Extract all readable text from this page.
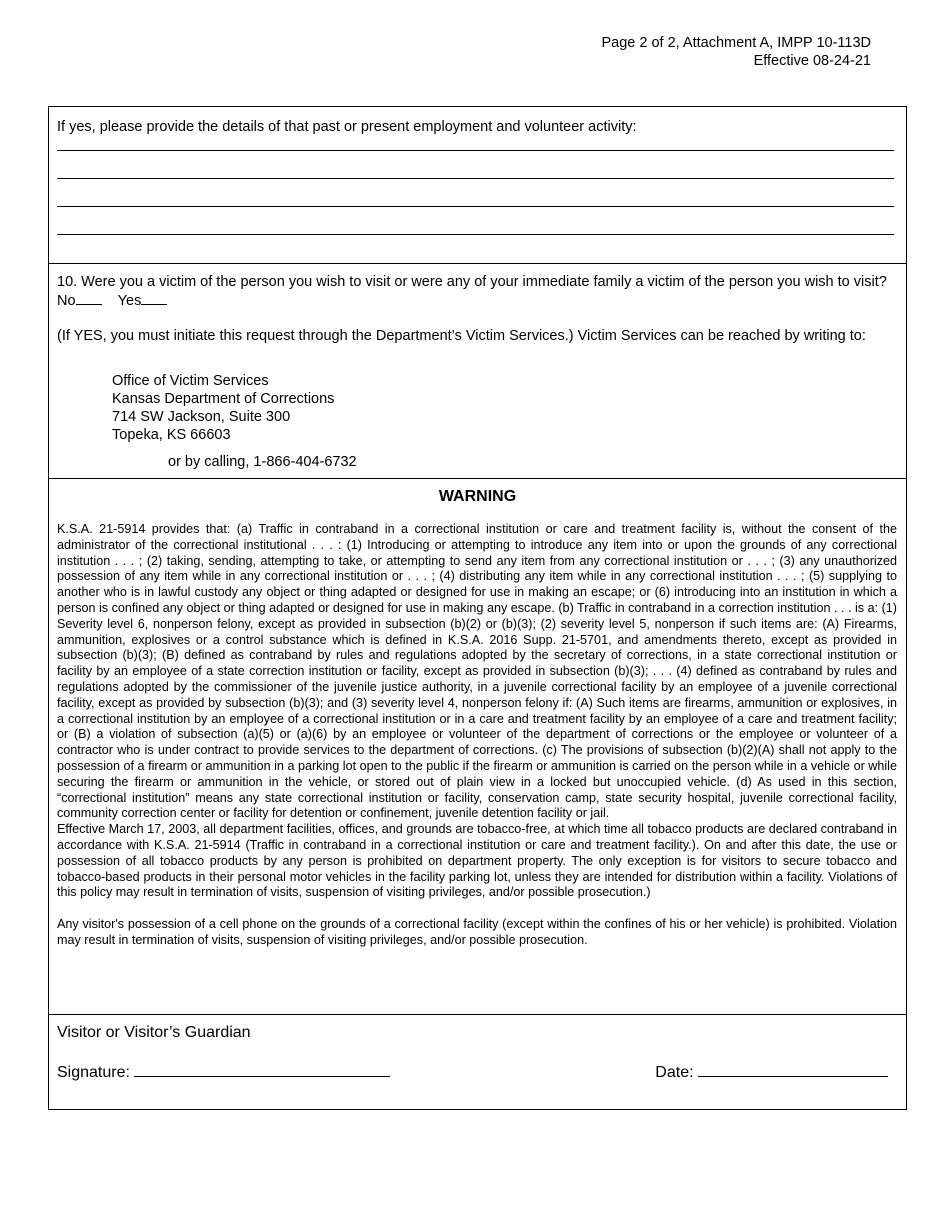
Page 2 of 2, Attachment A, IMPP 10-113D
Effective 08-24-21
If yes, please provide the details of that past or present employment and volunteer activity:
10. Were you a victim of the person you wish to visit or were any of your immediate family a victim of the person you wish to visit? No	Yes
(If YES, you must initiate this request through the Department’s Victim Services.) Victim Services can be reached by writing to:
Office of Victim Services
Kansas Department of Corrections
714 SW Jackson, Suite 300
Topeka, KS 66603
or by calling, 1-866-404-6732
WARNING

K.S.A. 21-5914 provides that: (a) Traffic in contraband in a correctional institution or care and treatment facility is, without the consent of the administrator of the correctional institutional . . . : (1) Introducing or attempting to introduce any item into or upon the grounds of any correctional institution . . . ; (2) taking, sending, attempting to take, or attempting to send any item from any correctional institution or . . . ; (3) any unauthorized possession of any item while in any correctional institution or . . . ; (4) distributing any item while in any correctional institution . . . ; (5) supplying to another who is in lawful custody any object or thing adapted or designed for use in making an escape; or (6) introducing into an institution in which a person is confined any object or thing adapted or designed for use in making any escape. (b) Traffic in contraband in a correction institution . . . is a: (1) Severity level 6, nonperson felony, except as provided in subsection (b)(2) or (b)(3); (2) severity level 5, nonperson if such items are: (A) Firearms, ammunition, explosives or a control substance which is defined in K.S.A. 2016 Supp. 21-5701, and amendments thereto, except as provided in subsection (b)(3); (B) defined as contraband by rules and regulations adopted by the secretary of corrections, in a state correctional institution or facility by an employee of a state correction institution or facility, except as provided in subsection (b)(3); . . . (4) defined as contraband by rules and regulations adopted by the commissioner of the juvenile justice authority, in a juvenile correctional facility by an employee of a juvenile correctional facility, except as provided by subsection (b)(3); and (3) severity level 4, nonperson felony if: (A) Such items are firearms, ammunition or explosives, in a correctional institution by an employee of a correctional institution or in a care and treatment facility by an employee of a care and treatment facility; or (B) a violation of subsection (a)(5) or (a)(6) by an employee or volunteer of the department of corrections or the employee or volunteer of a contractor who is under contract to provide services to the department of corrections. (c) The provisions of subsection (b)(2)(A) shall not apply to the possession of a firearm or ammunition in a parking lot open to the public if the firearm or ammunition is carried on the person while in a vehicle or while securing the firearm or ammunition in the vehicle, or stored out of plain view in a locked but unoccupied vehicle. (d) As used in this section, “correctional institution” means any state correctional institution or facility, conservation camp, state security hospital, juvenile correctional facility, community correction center or facility for detention or confinement, juvenile detention facility or jail.

Effective March 17, 2003, all department facilities, offices, and grounds are tobacco-free, at which time all tobacco products are declared contraband in accordance with K.S.A. 21-5914 (Traffic in contraband in a correctional institution or care and treatment facility.). On and after this date, the use or possession of all tobacco products by any person is prohibited on department property. The only exception is for visitors to secure tobacco and tobacco-based products in their personal motor vehicles in the facility parking lot, unless they are intended for distribution within a facility. Violations of this policy may result in termination of visits, suspension of visiting privileges, and/or possible prosecution.)

Any visitor's possession of a cell phone on the grounds of a correctional facility (except within the confines of his or her vehicle) is prohibited. Violation may result in termination of visits, suspension of visiting privileges, and/or possible prosecution.

Visitor or Visitor’s Guardian
Signature:	Date:
